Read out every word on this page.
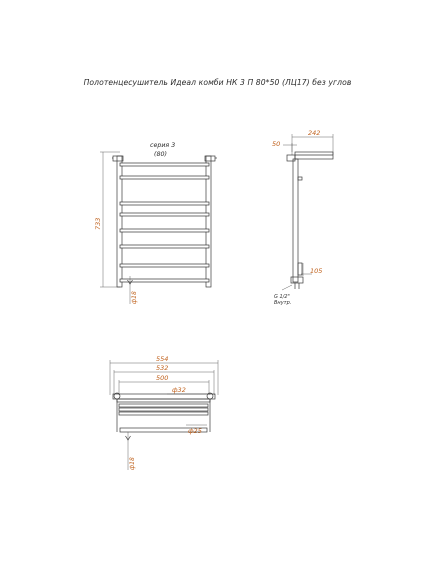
Полотенцесушитель Идеал комби НК 3 П 80*50 (ЛЦ17) без углов
733
серия 3
(80)
ф18
242
50
105
G 1/2"
Внутр.
554
532
500
ф32
ф25
ф18
